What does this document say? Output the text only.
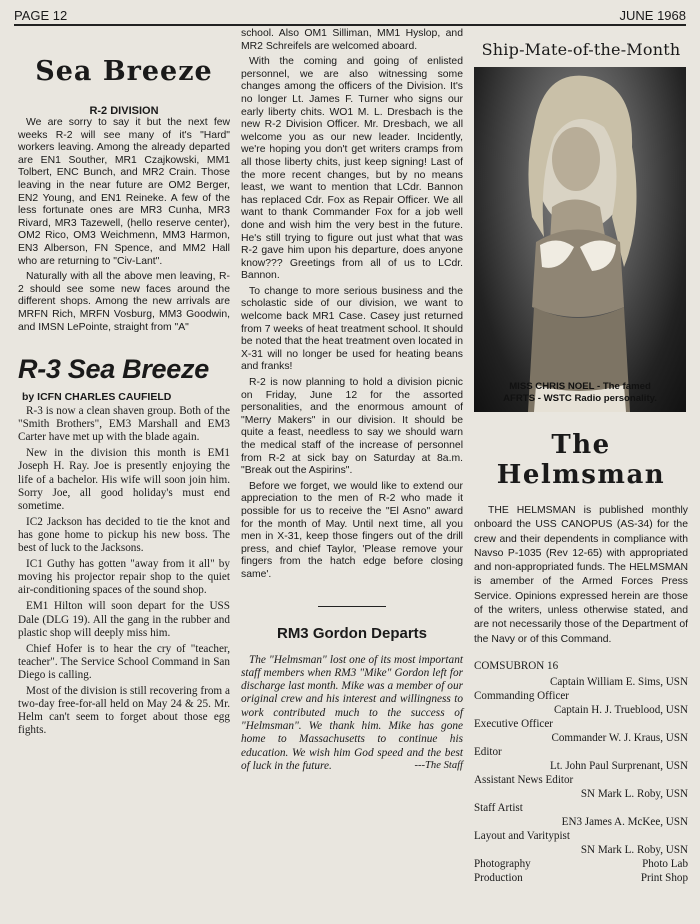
PAGE 12	JUNE 1968
Sea Breeze
R-2 DIVISION

We are sorry to say it but the next few weeks R-2 will see many of it's "Hard" workers leaving. Among the already departed are EN1 Souther, MR1 Czajkowski, MM1 Tolbert, ENC Bunch, and MR2 Crain. Those leaving in the near future are OM2 Berger, EN2 Young, and EN1 Reineke. A few of the less fortunate ones are MR3 Cunha, MR3 Rivard, MR3 Tazewell, (hello reserve center), OM2 Rico, OM3 Weichmenn, MM3 Harmon, EN3 Alberson, FN Spence, and MM2 Hall who are returning to "Civ-Lant".

Naturally with all the above men leaving, R-2 should see some new faces around the different shops. Among the new arrivals are MRFN Rich, MRFN Vosburg, MM3 Goodwin, and IMSN LePointe, straight from "A"

R-3 Sea Breeze
by ICFN CHARLES CAUFIELD

R-3 is now a clean shaven group. Both of the "Smith Brothers", EM3 Marshall and EM3 Carter have met up with the blade again.

New in the division this month is EM1 Joseph H. Ray. Joe is presently enjoying the life of a bachelor. His wife will soon join him. Sorry Joe, all good holiday's must end sometime.

IC2 Jackson has decided to tie the knot and has gone home to pickup his new boss. The best of luck to the Jacksons.

IC1 Guthy has gotten "away from it all" by moving his projector repair shop to the quiet air-conditioning spaces of the sound shop.

EM1 Hilton will soon depart for the USS Dale (DLG 19). All the gang in the rubber and plastic shop will deeply miss him.

Chief Hofer is to hear the cry of "teacher, teacher". The Service School Command in San Diego is calling.

Most of the division is still recovering from a two-day free-for-all held on May 24 & 25. Mr. Helm can't seem to forget about those egg fights.

school. Also OM1 Silliman, MM1 Hyslop, and MR2 Schreifels are welcomed aboard.

With the coming and going of enlisted personnel, we are also witnessing some changes among the officers of the Division. It's no longer Lt. James F. Turner who signs our early liberty chits. WO1 M. L. Dresbach is the new R-2 Division Officer. Mr. Dresbach, we all welcome you as our new leader. Incidently, we're hoping you don't get writers cramps from all those liberty chits, just keep signing! Last of the more recent changes, but by no means least, we want to mention that LCdr. Bannon has replaced Cdr. Fox as Repair Officer. We all want to thank Commander Fox for a job well done and wish him the very best in the future. He's still trying to figure out just what that was R-2 gave him upon his departure, does anyone know??? Greetings from all of us to LCdr. Bannon.

To change to more serious business and the scholastic side of our division, we want to welcome back MR1 Case. Casey just returned from 7 weeks of heat treatment school. It should be noted that the heat treatment oven located in X-31 will no longer be used for heating beans and franks!

R-2 is now planning to hold a division picnic on Friday, June 12 for the assorted personalities, and the enormous amount of "Merry Makers" in our division. It should be quite a feast, needless to say we should warn the medical staff of the increase of personnel from R-2 at sick bay on Saturday at 8a.m. "Break out the Aspirins".

Before we forget, we would like to extend our appreciation to the men of R-2 who made it possible for us to receive the "El Asno" award for the month of May. Until next time, all you men in X-31, keep those fingers out of the drill press, and chief Taylor, 'Please remove your fingers from the hatch edge before closing same'.

RM3 Gordon Departs

The "Helmsman" lost one of its most important staff members when RM3 "Mike" Gordon left for discharge last month. Mike was a member of our original crew and his interest and willingness to work contributed much to the success of "Helmsman". We thank him. Mike has gone home to Massachusetts to continue his education. We wish him God speed and the best of luck in the future.	---The Staff
Ship-Mate-of-the-Month
MISS CHRIS NOEL - The famed
AFRTS - WSTC Radio personality.
The Helmsman

THE HELMSMAN is published monthly onboard the USS CANOPUS (AS-34) for the crew and their dependents in compliance with Navso P-1035 (Rev 12-65) with appropriated and non-appropriated funds. The HELMSMAN is amember of the Armed Forces Press Service. Opinions expressed herein are those of the writers, unless otherwise stated, and are not necessarily those of the Department of the Navy or of this Command.

COMSUBRON 16
Captain William E. Sims, USN
Commanding Officer
Captain H. J. Trueblood, USN
Executive Officer
Commander W. J. Kraus, USN
Editor
Lt. John Paul Surprenant, USN
Assistant News Editor
SN Mark L. Roby, USN
Staff Artist
EN3 James A. McKee, USN
Layout and Varitypist
SN Mark L. Roby, USN
Photography	Photo Lab
Production	Print Shop
